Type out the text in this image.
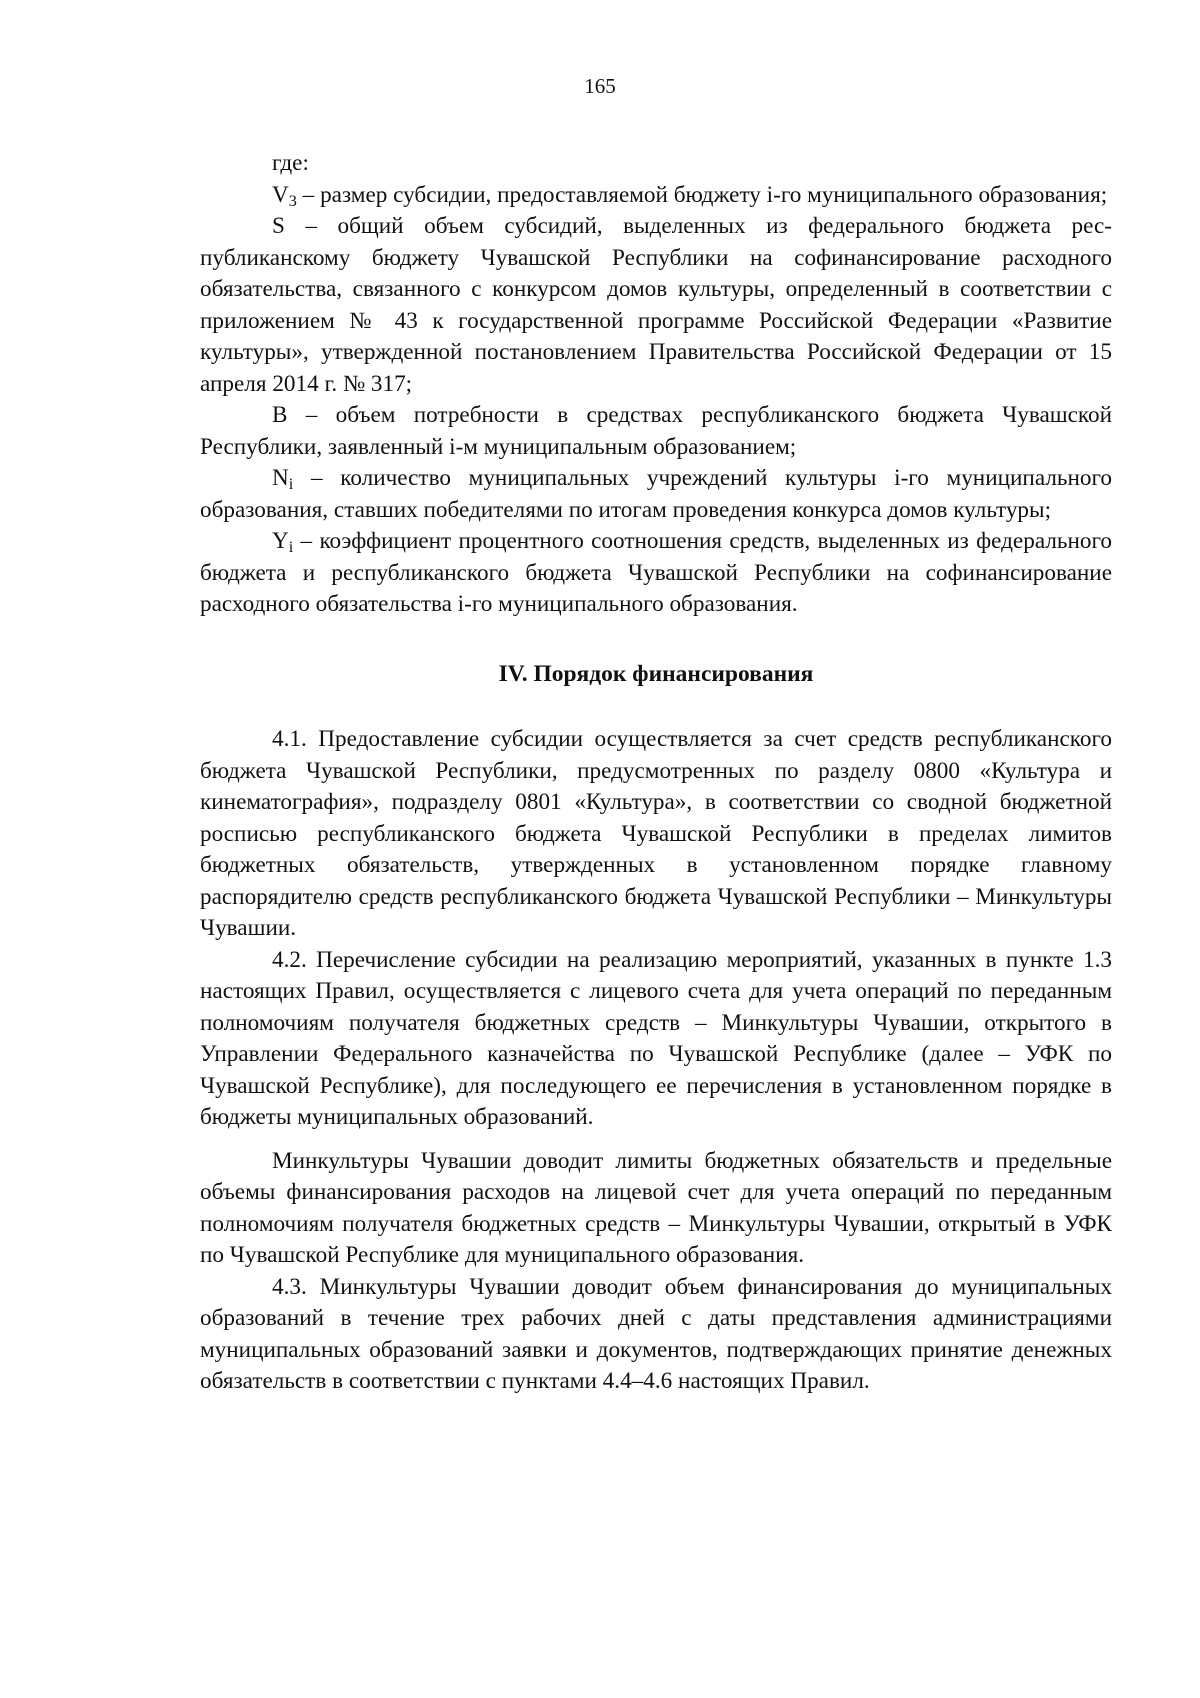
165

где:

$V_3$ – размер субсидии, предоставляемой бюджету i-го муниципального образования;

S – общий объем субсидий, выделенных из федерального бюджета республиканскому бюджету Чувашской Республики на софинансирование расходного обязательства, связанного с конкурсом домов культуры, определенный в соответствии с приложением № 43 к государственной программе Российской Федерации «Развитие культуры», утвержденной постановлением Правительства Российской Федерации от 15 апреля 2014 г. № 317;

B – объем потребности в средствах республиканского бюджета Чувашской Республики, заявленный i-м муниципальным образованием;

$N_i$ – количество муниципальных учреждений культуры i-го муниципального образования, ставших победителями по итогам проведения конкурса домов культуры;

$Y_i$ – коэффициент процентного соотношения средств, выделенных из федерального бюджета и республиканского бюджета Чувашской Республики на софинансирование расходного обязательства i-го муниципального образования.

IV. Порядок финансирования

4.1. Предоставление субсидии осуществляется за счет средств республиканского бюджета Чувашской Республики, предусмотренных по разделу 0800 «Культура и кинематография», подразделу 0801 «Культура», в соответствии со сводной бюджетной росписью республиканского бюджета Чувашской Республики в пределах лимитов бюджетных обязательств, утвержденных в установленном порядке главному распорядителю средств республиканского бюджета Чувашской Республики – Минкультуры Чувашии.

4.2. Перечисление субсидии на реализацию мероприятий, указанных в пункте 1.3 настоящих Правил, осуществляется с лицевого счета для учета операций по переданным полномочиям получателя бюджетных средств – Минкультуры Чувашии, открытого в Управлении Федерального казначейства по Чувашской Республике (далее – УФК по Чувашской Республике), для последующего ее перечисления в установленном порядке в бюджеты муниципальных образований.

Минкультуры Чувашии доводит лимиты бюджетных обязательств и предельные объемы финансирования расходов на лицевой счет для учета операций по переданным полномочиям получателя бюджетных средств – Минкультуры Чувашии, открытый в УФК по Чувашской Республике для муниципального образования.

4.3. Минкультуры Чувашии доводит объем финансирования до муниципальных образований в течение трех рабочих дней с даты представления администрациями муниципальных образований заявки и документов, подтверждающих принятие денежных обязательств в соответствии с пунктами 4.4–4.6 настоящих Правил.
